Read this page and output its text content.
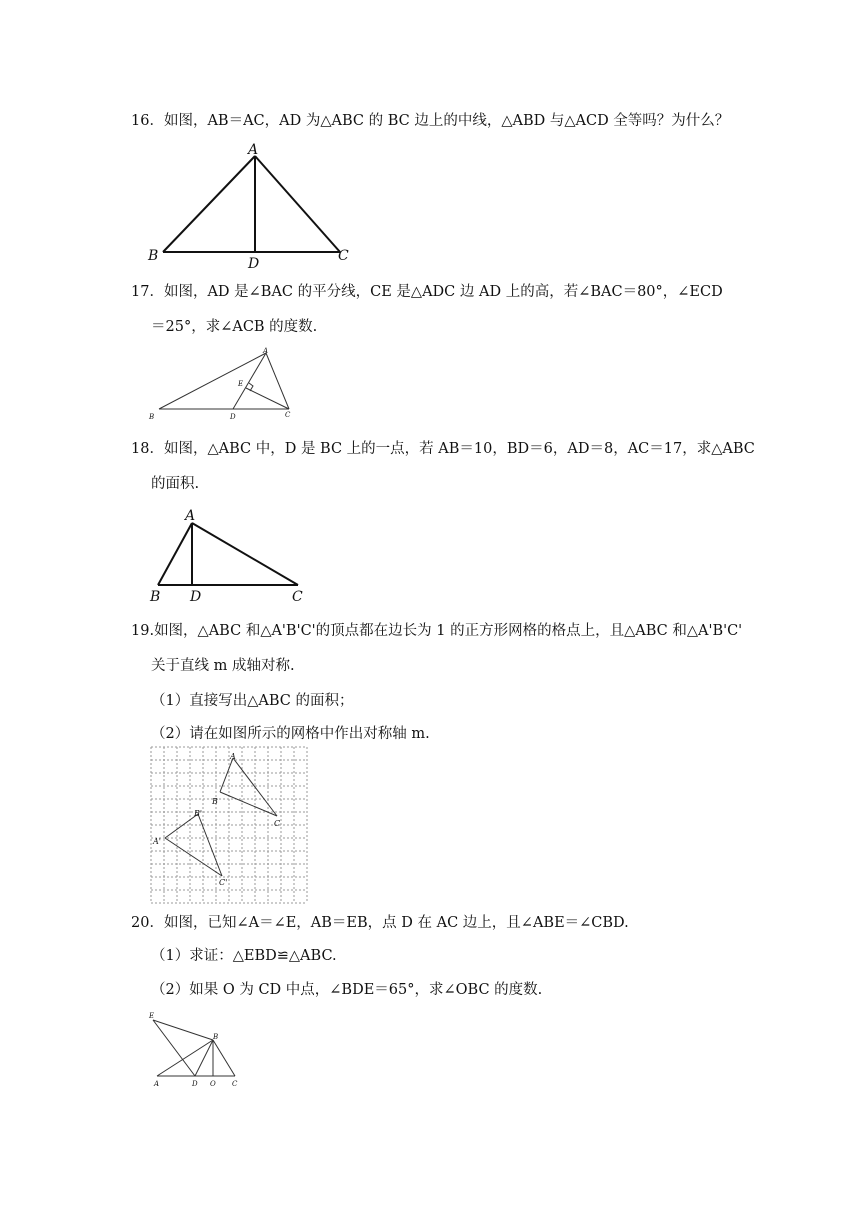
16．如图，AB＝AC，AD 为△ABC 的 BC 边上的中线，△ABD 与△ACD 全等吗？为什么？
A
B	C
D
17．如图，AD 是∠BAC 的平分线，CE 是△ADC 边 AD 上的高，若∠BAC＝80°，∠ECD
＝25°，求∠ACB 的度数.
A
E
B	D	C
18．如图，△ABC 中，D 是 BC 上的一点，若 AB＝10，BD＝6，AD＝8，AC＝17，求△ABC
的面积.
A
B D	C
19.如图，△ABC 和△A'B'C'的顶点都在边长为 1 的正方形网格的格点上，且△ABC 和△A'B'C'
关于直线 m 成轴对称.
（1）直接写出△ABC 的面积；
（2）请在如图所示的网格中作出对称轴 m.
A
B
C
A'
B'
C'
20．如图，已知∠A＝∠E，AB＝EB，点 D 在 AC 边上，且∠ABE＝∠CBD.
（1）求证：△EBD≌△ABC.
（2）如果 O 为 CD 中点，∠BDE＝65°，求∠OBC 的度数.
E
B
A	D O C
